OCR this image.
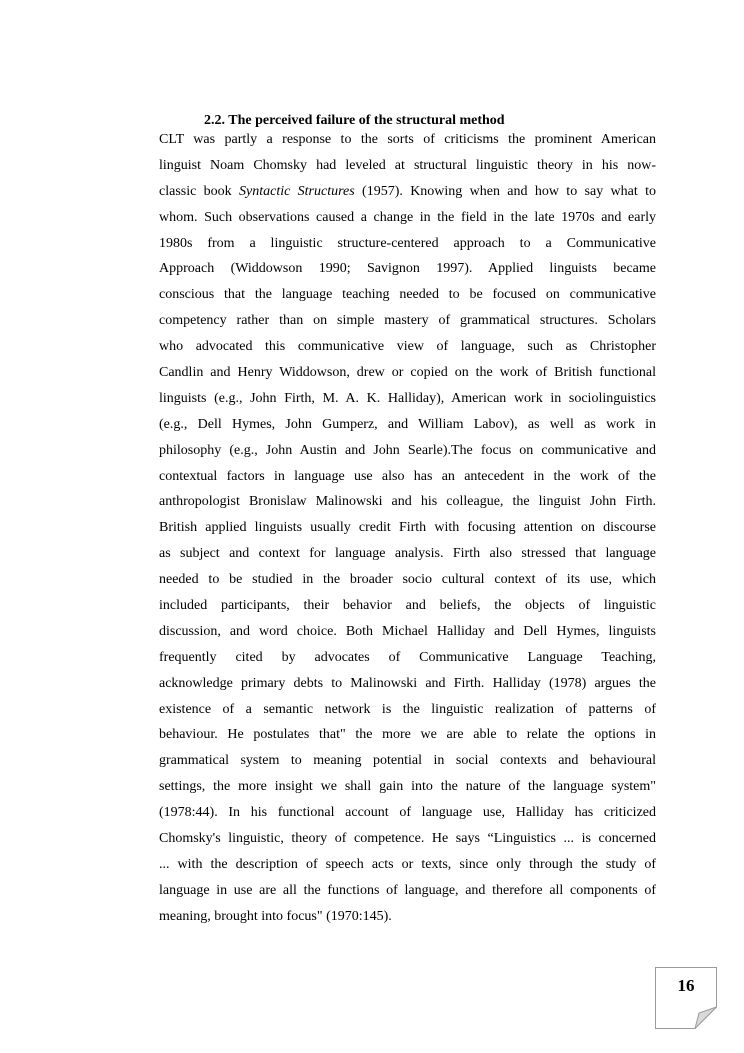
2.2. The perceived failure of the structural method
CLT was partly a response to the sorts of criticisms the prominent American
linguist Noam Chomsky had leveled at structural linguistic theory in his now-
classic book Syntactic Structures (1957). Knowing when and how to say what to
whom. Such observations caused a change in the field in the late 1970s and early
1980s from a linguistic structure-centered approach to a Communicative
Approach (Widdowson 1990; Savignon 1997). Applied linguists became
conscious that the language teaching needed to be focused on communicative
competency rather than on simple mastery of grammatical structures. Scholars
who advocated this communicative view of language, such as Christopher
Candlin and Henry Widdowson, drew or copied on the work of British functional
linguists (e.g., John Firth, M. A. K. Halliday), American work in sociolinguistics
(e.g., Dell Hymes, John Gumperz, and William Labov), as well as work in
philosophy (e.g., John Austin and John Searle).The focus on communicative and
contextual factors in language use also has an antecedent in the work of the
anthropologist Bronislaw Malinowski and his colleague, the linguist John Firth.
British applied linguists usually credit Firth with focusing attention on discourse
as subject and context for language analysis. Firth also stressed that language
needed to be studied in the broader socio cultural context of its use, which
included participants, their behavior and beliefs, the objects of linguistic
discussion, and word choice. Both Michael Halliday and Dell Hymes, linguists
frequently cited by advocates of Communicative Language Teaching,
acknowledge primary debts to Malinowski and Firth. Halliday (1978) argues the
existence of a semantic network is the linguistic realization of patterns of
behaviour. He postulates that" the more we are able to relate the options in
grammatical system to meaning potential in social contexts and behavioural
settings, the more insight we shall gain into the nature of the language system"
(1978:44). In his functional account of language use, Halliday has criticized
Chomsky's linguistic, theory of competence. He says “Linguistics ... is concerned
... with the description of speech acts or texts, since only through the study of
language in use are all the functions of language, and therefore all components of
meaning, brought into focus" (1970:145).
16
